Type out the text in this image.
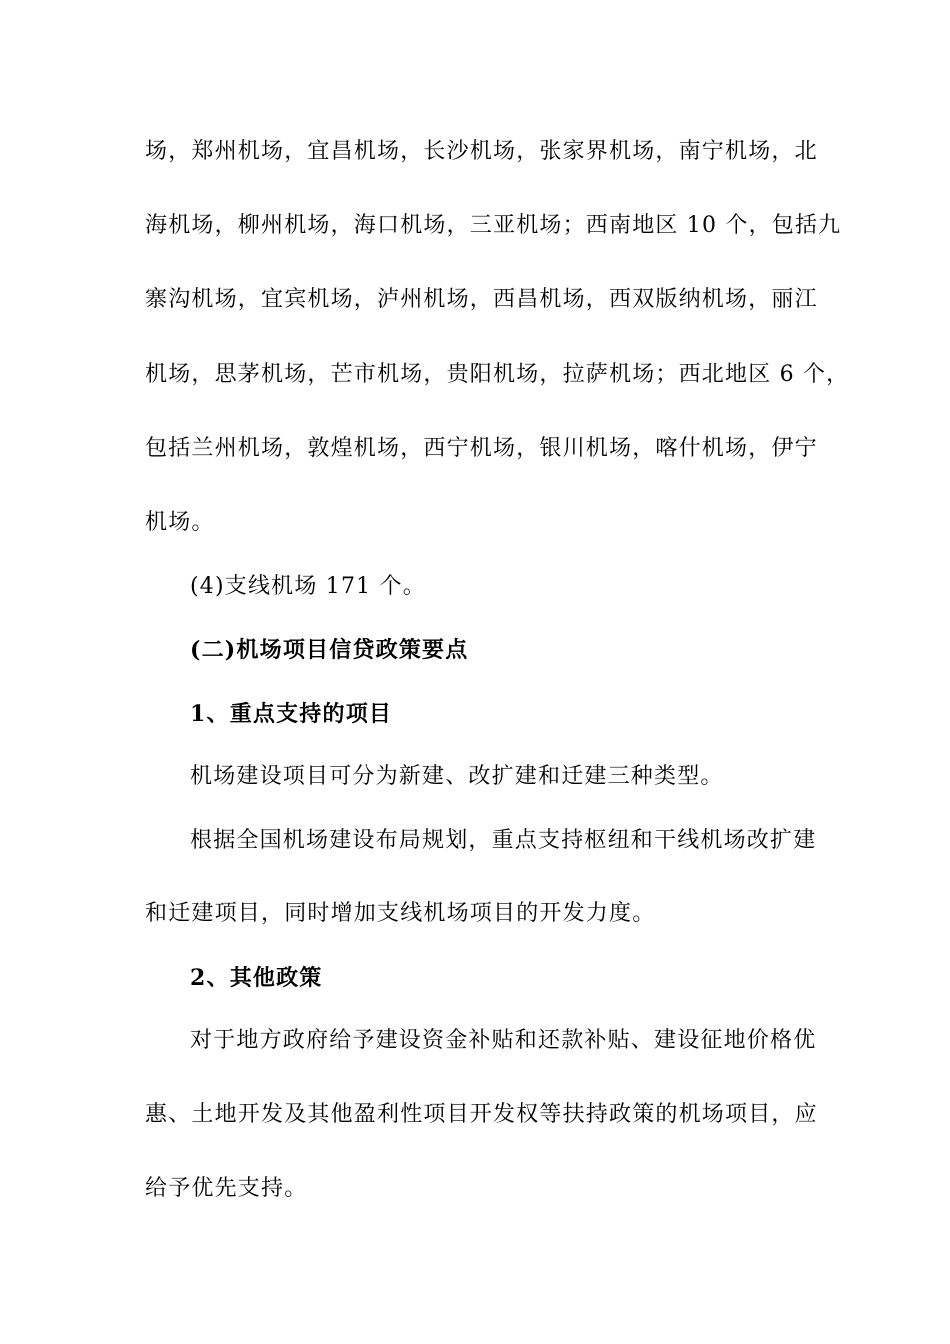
场，郑州机场，宜昌机场，长沙机场，张家界机场，南宁机场，北
海机场，柳州机场，海口机场，三亚机场；西南地区 10 个，包括九
寨沟机场，宜宾机场，泸州机场，西昌机场，西双版纳机场，丽江
机场，思茅机场，芒市机场，贵阳机场，拉萨机场；西北地区 6 个，
包括兰州机场，敦煌机场，西宁机场，银川机场，喀什机场，伊宁
机场。
(4)支线机场 171 个。
(二)机场项目信贷政策要点
1、重点支持的项目
机场建设项目可分为新建、改扩建和迁建三种类型。
根据全国机场建设布局规划，重点支持枢纽和干线机场改扩建
和迁建项目，同时增加支线机场项目的开发力度。
2、其他政策
对于地方政府给予建设资金补贴和还款补贴、建设征地价格优
惠、土地开发及其他盈利性项目开发权等扶持政策的机场项目，应
给予优先支持。
